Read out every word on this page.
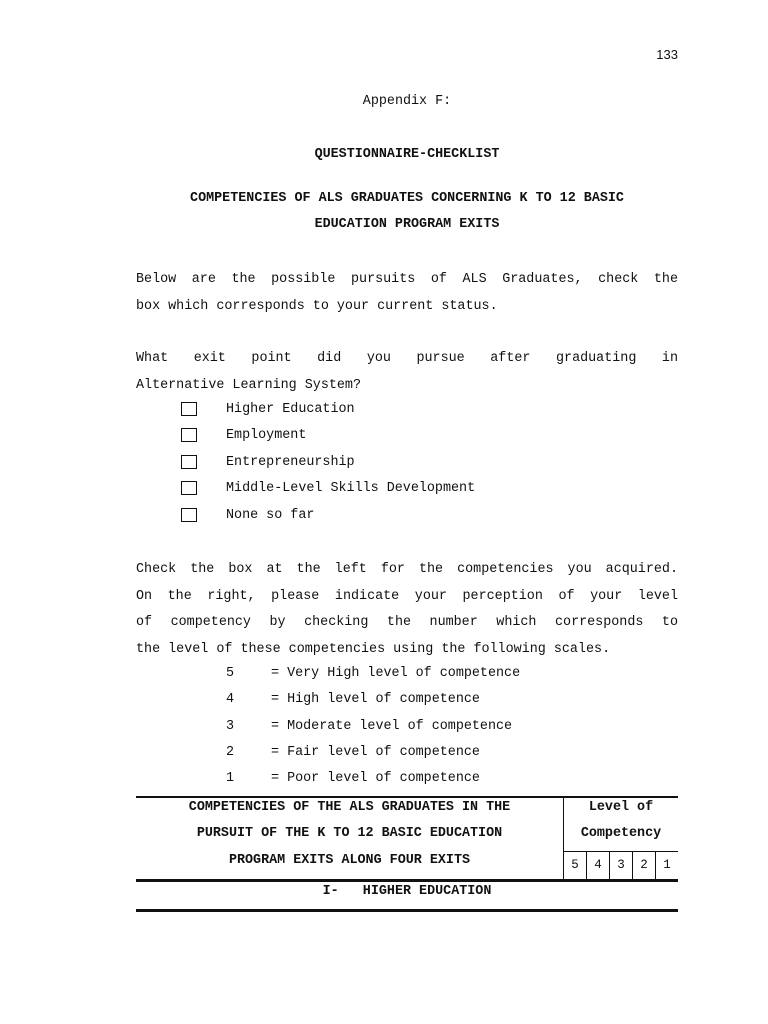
133
Appendix F:
QUESTIONNAIRE-CHECKLIST
COMPETENCIES OF ALS GRADUATES CONCERNING K TO 12 BASIC
EDUCATION PROGRAM EXITS
Below are the possible pursuits of ALS Graduates, check the
box which corresponds to your current status.
What exit point did you pursue after graduating in
Alternative Learning System?
Higher Education
Employment
Entrepreneurship
Middle-Level Skills Development
None so far
Check the box at the left for the competencies you acquired.
On the right, please indicate your perception of your level
of competency by checking the number which corresponds to
the level of these competencies using the following scales.
5	= Very High level of competence
4	= High level of competence
3	= Moderate level of competence
2	= Fair level of competence
1	= Poor level of competence
COMPETENCIES OF THE ALS GRADUATES IN THE
PURSUIT OF THE K TO 12 BASIC EDUCATION
PROGRAM EXITS ALONG FOUR EXITS
Level of
Competency
5	4	3	2	1
I-   HIGHER EDUCATION
